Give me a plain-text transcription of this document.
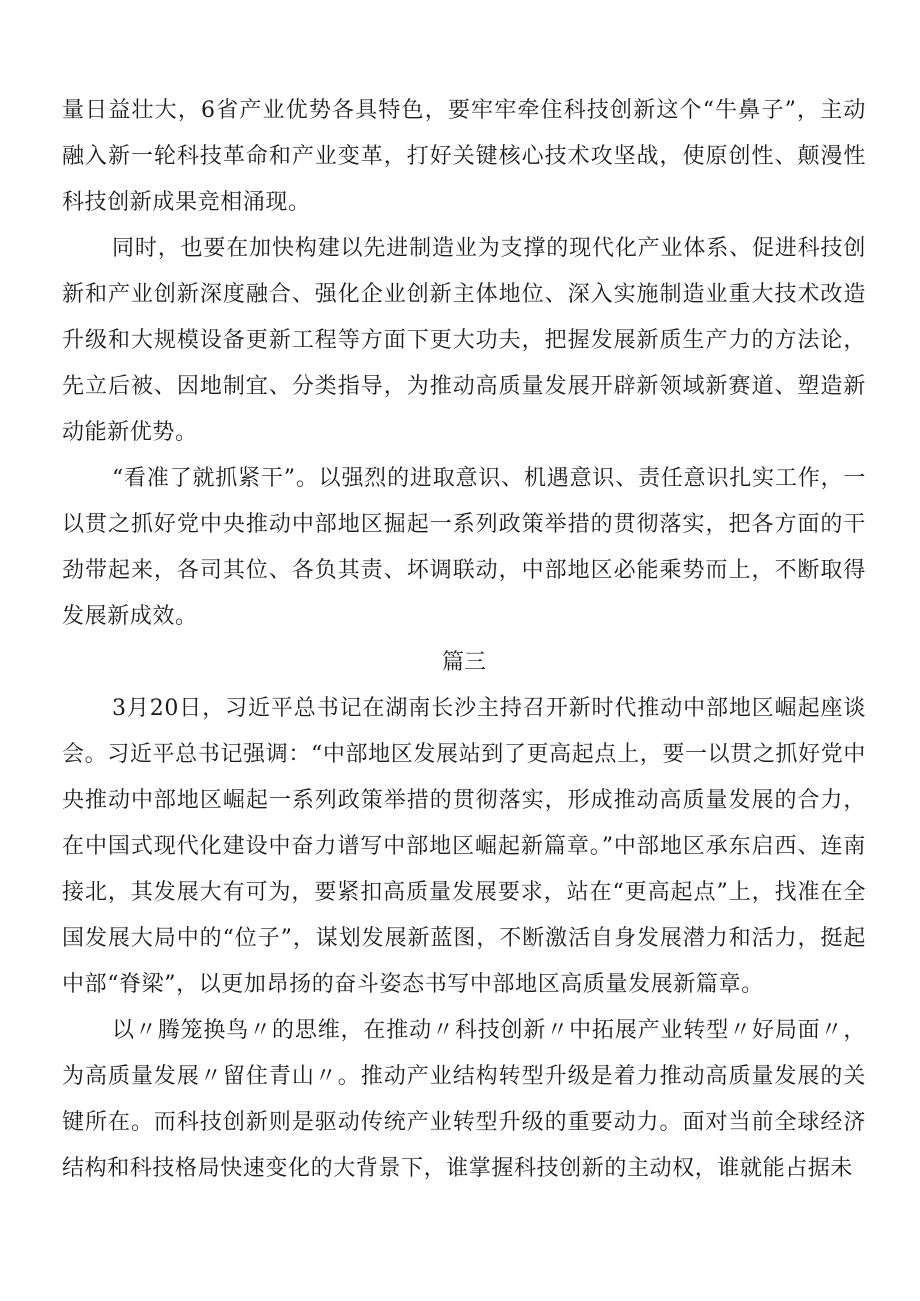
量日益壮大，6省产业优势各具特色，要牢牢牵住科技创新这个“牛鼻子”，主动融入新一轮科技革命和产业变革，打好关键核心技术攻坚战，使原创性、颠漫性科技创新成果竞相涌现。

同时，也要在加快构建以先进制造业为支撑的现代化产业体系、促进科技创新和产业创新深度融合、强化企业创新主体地位、深入实施制造业重大技术改造升级和大规模设备更新工程等方面下更大功夫，把握发展新质生产力的方法论，先立后被、因地制宜、分类指导，为推动高质量发展开辟新领域新赛道、塑造新动能新优势。

“看准了就抓紧干”。以强烈的进取意识、机遇意识、责任意识扎实工作，一以贯之抓好党中央推动中部地区掘起一系列政策举措的贯彻落实，把各方面的干劲带起来，各司其位、各负其责、坏调联动，中部地区必能乘势而上，不断取得发展新成效。

篇三

3月20日，习近平总书记在湖南长沙主持召开新时代推动中部地区崛起座谈会。习近平总书记强调：“中部地区发展站到了更高起点上，要一以贯之抓好党中央推动中部地区崛起一系列政策举措的贯彻落实，形成推动高质量发展的合力，在中国式现代化建设中奋力谱写中部地区崛起新篇章。”中部地区承东启西、连南接北，其发展大有可为，要紧扣高质量发展要求，站在“更高起点”上，找准在全国发展大局中的“位子”，谋划发展新蓝图，不断激活自身发展潜力和活力，挺起中部“脊梁”，以更加昂扬的奋斗姿态书写中部地区高质量发展新篇章。

以〃腾笼换鸟〃的思维，在推动〃科技创新〃中拓展产业转型〃好局面〃，为高质量发展〃留住青山〃。推动产业结构转型升级是着力推动高质量发展的关键所在。而科技创新则是驱动传统产业转型升级的重要动力。面对当前全球经济结构和科技格局快速变化的大背景下，谁掌握科技创新的主动权，谁就能占据未
